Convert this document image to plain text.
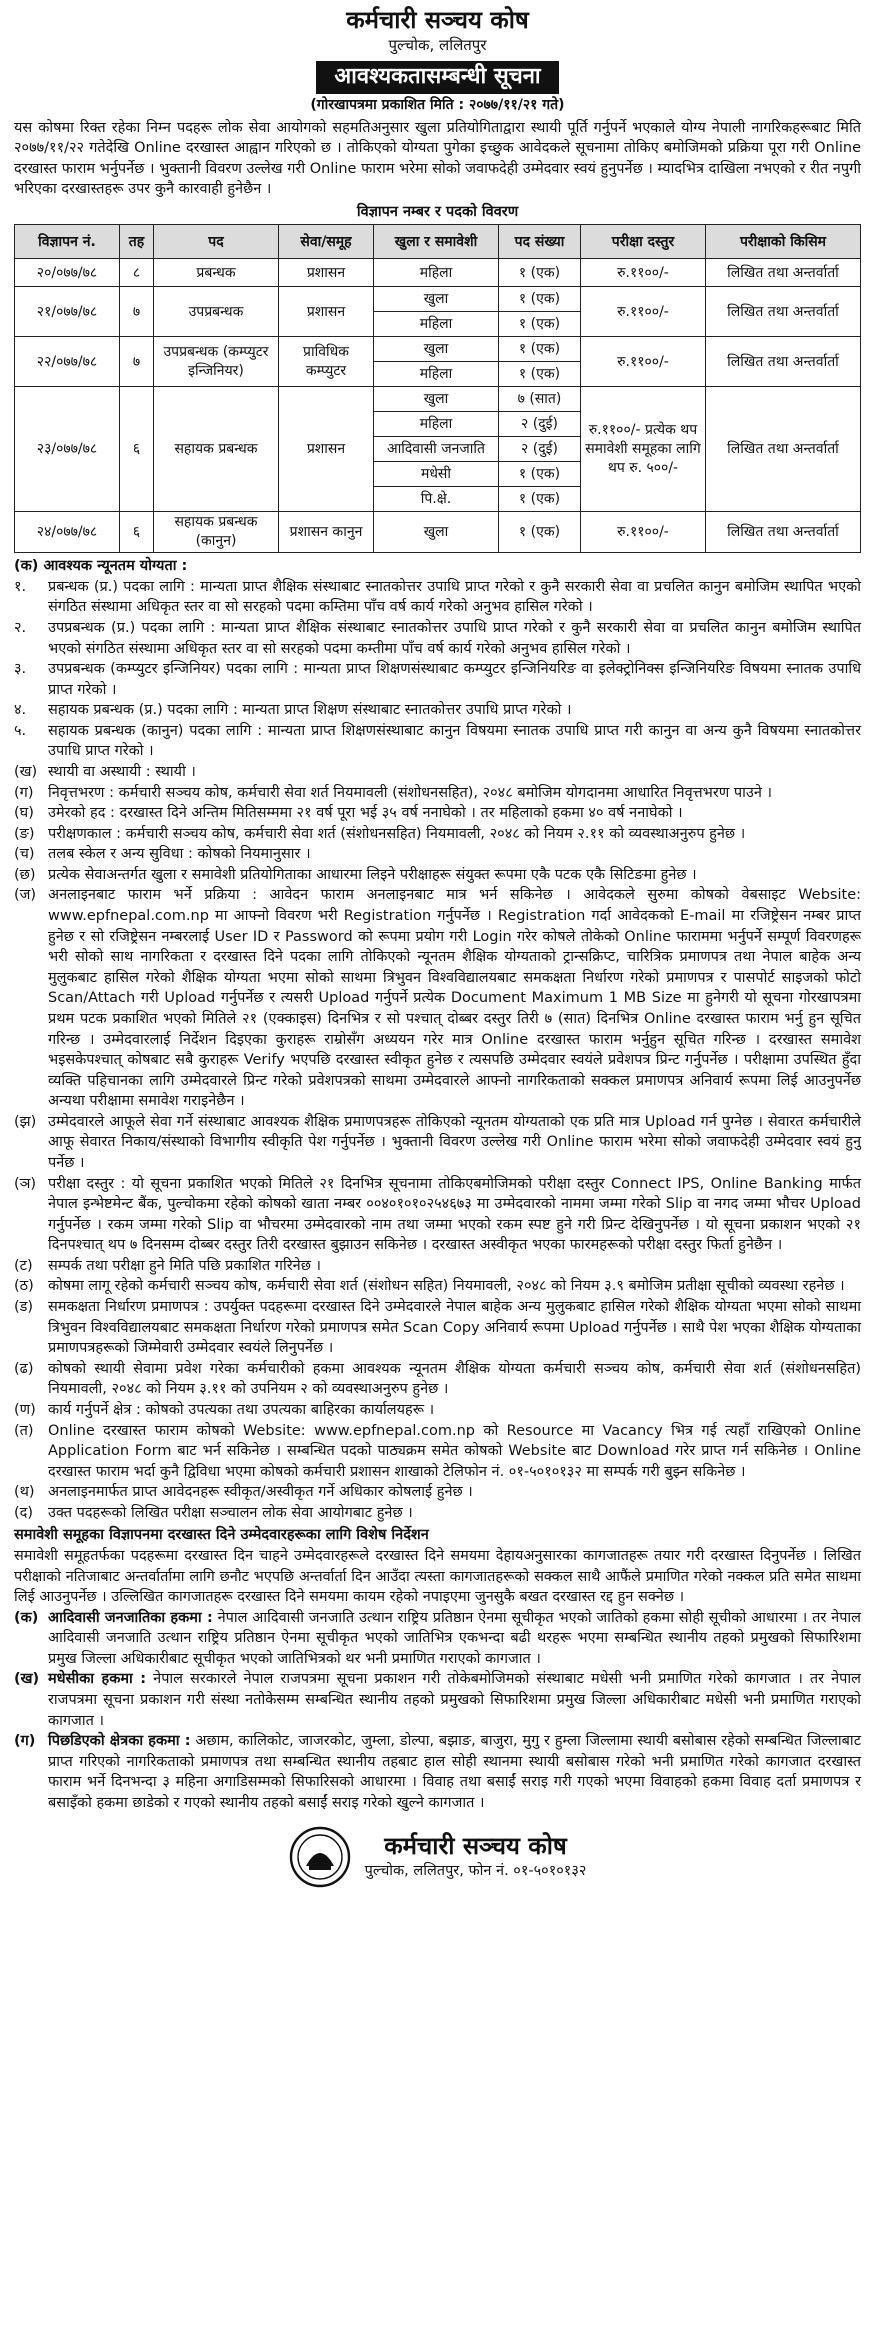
कर्मचारी सञ्चय कोष
पुल्चोक, ललितपुर
आवश्यकतासम्बन्धी सूचना
(गोरखापत्रमा प्रकाशित मिति : २०७७/११/२१ गते)

यस कोषमा रिक्त रहेका निम्न पदहरू लोक सेवा आयोगको सहमतिअनुसार खुला प्रतियोगिताद्वारा स्थायी पूर्ति गर्नुपर्ने भएकाले योग्य नेपाली नागरिकहरूबाट मिति २०७७/११/२२ गतेदेखि Online दरखास्त आह्वान गरिएको छ । तोकिएको योग्यता पुगेका इच्छुक आवेदकले सूचनामा तोकिए बमोजिमको प्रक्रिया पूरा गरी Online दरखास्त फाराम भर्नुपर्नेछ । भुक्तानी विवरण उल्लेख गरी Online फाराम भरेमा सोको जवाफदेही उम्मेदवार स्वयं हुनुपर्नेछ । म्यादभित्र दाखिला नभएको र रीत नपुगी भरिएका दरखास्तहरू उपर कुनै कारवाही हुनेछैन ।

विज्ञापन नम्बर र पदको विवरण
विज्ञापन नं.	तह	पद	सेवा/समूह	खुला र समावेशी	पद संख्या	परीक्षा दस्तुर	परीक्षाको किसिम
२०/०७७/७८	८	प्रबन्धक	प्रशासन	महिला	१ (एक)	रु.११००/-	लिखित तथा अन्तर्वार्ता
२१/०७७/७८	७	उपप्रबन्धक	प्रशासन	खुला	१ (एक)	रु.११००/-	लिखित तथा अन्तर्वार्ता
				महिला	१ (एक)		
२२/०७७/७८	७	उपप्रबन्धक (कम्प्युटर इन्जिनियर)	प्राविधिक कम्प्युटर	खुला	१ (एक)	रु.११००/-	लिखित तथा अन्तर्वार्ता
				महिला	१ (एक)		
२३/०७७/७८	६	सहायक प्रबन्धक	प्रशासन	खुला	७ (सात)	रु.११००/- प्रत्येक थप समावेशी समूहका लागि थप रु. ५००/-	लिखित तथा अन्तर्वार्ता
				महिला	२ (दुई)		
				आदिवासी जनजाति	२ (दुई)		
				मधेसी	१ (एक)		
				पि.क्षे.	१ (एक)		
२४/०७७/७८	६	सहायक प्रबन्धक (कानुन)	प्रशासन कानुन	खुला	१ (एक)	रु.११००/-	लिखित तथा अन्तर्वार्ता
(क) आवश्यक न्यूनतम योग्यता :
१.	प्रबन्धक (प्र.) पदका लागि : मान्यता प्राप्त शैक्षिक संस्थाबाट स्नातकोत्तर उपाधि प्राप्त गरेको र कुनै सरकारी सेवा वा प्रचलित कानुन बमोजिम स्थापित भएको संगठित संस्थामा अधिकृत स्तर वा सो सरहको पदमा कम्तिमा पाँच वर्ष कार्य गरेको अनुभव हासिल गरेको ।
२.	उपप्रबन्धक (प्र.) पदका लागि : मान्यता प्राप्त शैक्षिक संस्थाबाट स्नातकोत्तर उपाधि प्राप्त गरेको र कुनै सरकारी सेवा वा प्रचलित कानुन बमोजिम स्थापित भएको संगठित संस्थामा अधिकृत स्तर वा सो सरहको पदमा कम्तीमा पाँच वर्ष कार्य गरेको अनुभव हासिल गरेको ।
३.	उपप्रबन्धक (कम्प्युटर इन्जिनियर) पदका लागि : मान्यता प्राप्त शिक्षणसंस्थाबाट कम्प्युटर इन्जिनियरिङ वा इलेक्ट्रोनिक्स इन्जिनियरिङ विषयमा स्नातक उपाधि प्राप्त गरेको ।
४.	सहायक प्रबन्धक (प्र.) पदका लागि : मान्यता प्राप्त शिक्षण संस्थाबाट स्नातकोत्तर उपाधि प्राप्त गरेको ।
५.	सहायक प्रबन्धक (कानुन) पदका लागि : मान्यता प्राप्त शिक्षणसंस्थाबाट कानुन विषयमा स्नातक उपाधि प्राप्त गरी कानुन वा अन्य कुनै विषयमा स्नातकोत्तर उपाधि प्राप्त गरेको ।
(ख) स्थायी वा अस्थायी : स्थायी ।
(ग)	निवृत्तभरण : कर्मचारी सञ्चय कोष, कर्मचारी सेवा शर्त नियमावली (संशोधनसहित), २०४८ बमोजिम योगदानमा आधारित निवृत्तभरण पाउने ।
(घ) उमेरको हद : दरखास्त दिने अन्तिम मितिसम्ममा २१ वर्ष पूरा भई ३५ वर्ष ननाघेको । तर महिलाको हकमा ४० वर्ष ननाघेको ।
(ङ) परीक्षणकाल : कर्मचारी सञ्चय कोष, कर्मचारी सेवा शर्त (संशोधनसहित) नियमावली, २०४८ को नियम २.११ को व्यवस्थाअनुरुप हुनेछ ।
(च) तलब स्केल र अन्य सुविधा : कोषको नियमानुसार ।
(छ) प्रत्येक सेवाअन्तर्गत खुला र समावेशी प्रतियोगिताका आधारमा लिइने परीक्षाहरू संयुक्त रूपमा एकै पटक एकै सिटिङमा हुनेछ ।
(ज) अनलाइनबाट फाराम भर्ने प्रक्रिया : आवेदन फाराम अनलाइनबाट मात्र भर्न सकिनेछ । आवेदकले सुरुमा कोषको वेबसाइट Website: www.epfnepal.com.np मा आफ्नो विवरण भरी Registration गर्नुपर्नेछ । Registration गर्दा आवेदकको E-mail मा रजिष्ट्रेसन नम्बर प्राप्त हुनेछ र सो रजिष्ट्रेसन नम्बरलाई User ID र Password को रूपमा प्रयोग गरी Login गरेर कोषले तोकेको Online फाराममा भर्नुपर्ने सम्पूर्ण विवरणहरू भरी सोको साथ नागरिकता र दरखास्त दिने पदका लागि तोकिएको न्यूनतम शैक्षिक योग्यताको ट्रान्सक्रिप्ट, चारित्रिक प्रमाणपत्र तथा नेपाल बाहेक अन्य मुलुकबाट हासिल गरेको शैक्षिक योग्यता भएमा सोको साथमा त्रिभुवन विश्वविद्यालयबाट समकक्षता निर्धारण गरेको प्रमाणपत्र र पासपोर्ट साइजको फोटो Scan/Attach गरी Upload गर्नुपर्नेछ र त्यसरी Upload गर्नुपर्ने प्रत्येक Document Maximum 1 MB Size मा हुनेगरी यो सूचना गोरखापत्रमा प्रथम पटक प्रकाशित भएको मितिले २१ (एक्काइस) दिनभित्र र सो पश्चात् दोब्बर दस्तुर तिरी ७ (सात) दिनभित्र Online दरखास्त फाराम भर्नु हुन सूचित गरिन्छ । उम्मेदवारलाई निर्देशन दिइएका कुराहरू राम्रोसँग अध्ययन गरेर मात्र Online दरखास्त फाराम भर्नुहुन सूचित गरिन्छ । दरखास्त समावेश भइसकेपश्चात् कोषबाट सबै कुराहरू Verify भएपछि दरखास्त स्वीकृत हुनेछ र त्यसपछि उम्मेदवार स्वयंले प्रवेशपत्र प्रिन्ट गर्नुपर्नेछ । परीक्षामा उपस्थित हुँदा व्यक्ति पहिचानका लागि उम्मेदवारले प्रिन्ट गरेको प्रवेशपत्रको साथमा उम्मेदवारले आफ्नो नागरिकताको सक्कल प्रमाणपत्र अनिवार्य रूपमा लिई आउनुपर्नेछ अन्यथा परीक्षामा समावेश गराइनेछैन ।
(झ) उम्मेदवारले आफूले सेवा गर्ने संस्थाबाट आवश्यक शैक्षिक प्रमाणपत्रहरू तोकिएको न्यूनतम योग्यताको एक प्रति मात्र Upload गर्न पुग्नेछ । सेवारत कर्मचारीले आफू सेवारत निकाय/संस्थाको विभागीय स्वीकृति पेश गर्नुपर्नेछ । भुक्तानी विवरण उल्लेख गरी Online फाराम भरेमा सोको जवाफदेही उम्मेदवार स्वयं हुनु पर्नेछ ।
(ञ) परीक्षा दस्तुर : यो सूचना प्रकाशित भएको मितिले २१ दिनभित्र सूचनामा तोकिएबमोजिमको परीक्षा दस्तुर Connect IPS, Online Banking मार्फत नेपाल इन्भेष्टमेन्ट बैंक, पुल्चोकमा रहेको कोषको खाता नम्बर ००४०१०१०२५४६७३ मा उम्मेदवारको नाममा जम्मा गरेको Slip वा नगद जम्मा भौचर Upload गर्नुपर्नेछ । रकम जम्मा गरेको Slip वा भौचरमा उम्मेदवारको नाम तथा जम्मा भएको रकम स्पष्ट हुने गरी प्रिन्ट देखिनुपर्नेछ । यो सूचना प्रकाशन भएको २१ दिनपश्चात् थप ७ दिनसम्म दोब्बर दस्तुर तिरी दरखास्त बुझाउन सकिनेछ । दरखास्त अस्वीकृत भएका फारमहरूको परीक्षा दस्तुर फिर्ता हुनेछैन ।
(ट)	सम्पर्क तथा परीक्षा हुने मिति पछि प्रकाशित गरिनेछ ।
(ठ) कोषमा लागू रहेको कर्मचारी सञ्चय कोष, कर्मचारी सेवा शर्त (संशोधन सहित) नियमावली, २०४८ को नियम ३.९ बमोजिम प्रतीक्षा सूचीको व्यवस्था रहनेछ ।
(ड)	समकक्षता निर्धारण प्रमाणपत्र : उपर्युक्त पदहरूमा दरखास्त दिने उम्मेदवारले नेपाल बाहेक अन्य मुलुकबाट हासिल गरेको शैक्षिक योग्यता भएमा सोको साथमा त्रिभुवन विश्वविद्यालयबाट समकक्षता निर्धारण गरेको प्रमाणपत्र समेत Scan Copy अनिवार्य रूपमा Upload गर्नुपर्नेछ । साथै पेश भएका शैक्षिक योग्यताका प्रमाणपत्रहरूको जिम्मेवारी उम्मेदवार स्वयंले लिनुपर्नेछ ।
(ढ)	कोषको स्थायी सेवामा प्रवेश गरेका कर्मचारीको हकमा आवश्यक न्यूनतम शैक्षिक योग्यता कर्मचारी सञ्चय कोष, कर्मचारी सेवा शर्त (संशोधनसहित) नियमावली, २०४८ को नियम ३.११ को उपनियम २ को व्यवस्थाअनुरुप हुनेछ ।
(ण) कार्य गर्नुपर्ने क्षेत्र : कोषको उपत्यका तथा उपत्यका बाहिरका कार्यालयहरू ।
(त) Online दरखास्त फाराम कोषको Website: www.epfnepal.com.np को Resource मा Vacancy भित्र गई त्यहाँ राखिएको Online Application Form बाट भर्न सकिनेछ । सम्बन्धित पदको पाठ्यक्रम समेत कोषको Website बाट Download गरेर प्राप्त गर्न सकिनेछ । Online दरखास्त फाराम भर्दा कुनै द्विविधा भएमा कोषको कर्मचारी प्रशासन शाखाको टेलिफोन नं. ०१-५०१०१३२ मा सम्पर्क गरी बुझ्न सकिनेछ ।
(थ) अनलाइनमार्फत प्राप्त आवेदनहरू स्वीकृत/अस्वीकृत गर्ने अधिकार कोषलाई हुनेछ ।
(द)	उक्त पदहरूको लिखित परीक्षा सञ्चालन लोक सेवा आयोगबाट हुनेछ ।
समावेशी समूहका विज्ञापनमा दरखास्त दिने उम्मेदवारहरूका लागि विशेष निर्देशन

समावेशी समूहतर्फका पदहरूमा दरखास्त दिन चाहने उम्मेदवारहरूले दरखास्त दिने समयमा देहायअनुसारका कागजातहरू तयार गरी दरखास्त दिनुपर्नेछ । लिखित परीक्षाको नतिजाबाट अन्तर्वार्तामा लागि छनौट भएपछि अन्तर्वार्ता दिन आउँदा त्यस्ता कागजातहरूको सक्कल साथै आफैंले प्रमाणित गरेको नक्कल प्रति समेत साथमा लिई आउनुपर्नेछ । उल्लिखित कागजातहरू दरखास्त दिने समयमा कायम रहेको नपाइएमा जुनसुकै बखत दरखास्त रद्द हुन सक्नेछ ।

(क) आदिवासी जनजातिका हकमा : नेपाल आदिवासी जनजाति उत्थान राष्ट्रिय प्रतिष्ठान ऐनमा सूचीकृत भएको जातिको हकमा सोही सूचीको आधारमा । तर नेपाल आदिवासी जनजाति उत्थान राष्ट्रिय प्रतिष्ठान ऐनमा सूचीकृत भएको जातिभित्र एकभन्दा बढी थरहरू भएमा सम्बन्धित स्थानीय तहको प्रमुखको सिफारिशमा प्रमुख जिल्ला अधिकारीबाट सूचीकृत भएको जातिभित्रको थर भनी प्रमाणित गराएको कागजात ।
(ख) मधेसीका हकमा : नेपाल सरकारले नेपाल राजपत्रमा सूचना प्रकाशन गरी तोकेबमोजिमको संस्थाबाट मधेसी भनी प्रमाणित गरेको कागजात । तर नेपाल राजपत्रमा सूचना प्रकाशन गरी संस्था नतोकेसम्म सम्बन्धित स्थानीय तहको प्रमुखको सिफारिशमा प्रमुख जिल्ला अधिकारीबाट मधेसी भनी प्रमाणित गराएको कागजात ।
(ग) पिछडिएको क्षेत्रका हकमा : अछाम, कालिकोट, जाजरकोट, जुम्ला, डोल्पा, बझाङ, बाजुरा, मुगु र हुम्ला जिल्लामा स्थायी बसोबास रहेको सम्बन्धित जिल्लाबाट प्राप्त गरिएको नागरिकताको प्रमाणपत्र तथा सम्बन्धित स्थानीय तहबाट हाल सोही स्थानमा स्थायी बसोबास गरेको भनी प्रमाणित गरेको कागजात दरखास्त फाराम भर्ने दिनभन्दा ३ महिना अगाडिसम्मको सिफारिसको आधारमा । विवाह तथा बसाईं सराइ गरी गएको भएमा विवाहको हकमा विवाह दर्ता प्रमाणपत्र र बसाइँको हकमा छाडेको र गएको स्थानीय तहको बसाईं सराइ गरेको खुल्ने कागजात ।
कर्मचारी सञ्चय कोष
पुल्चोक, ललितपुर, फोन नं. ०१-५०१०१३२
